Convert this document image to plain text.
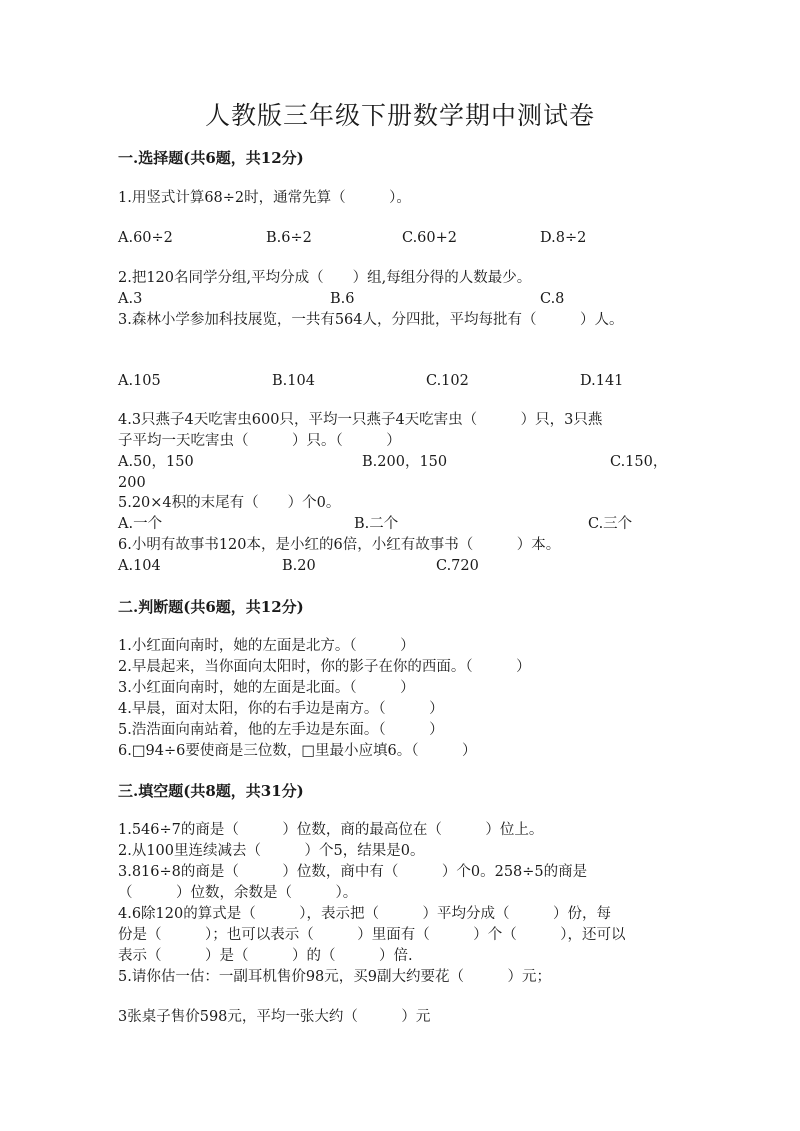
人教版三年级下册数学期中测试卷
一.选择题(共6题，共12分)
1.用竖式计算68÷2时，通常先算（　　　）。
A.60÷2	B.6÷2	C.60+2	D.8÷2
2.把120名同学分组,平均分成（　　）组,每组分得的人数最少。
A.3	B.6	C.8
3.森林小学参加科技展览，一共有564人，分四批，平均每批有（　　　）人。
A.105	B.104	C.102	D.141
4.3只燕子4天吃害虫600只，平均一只燕子4天吃害虫（　　　）只，3只燕
子平均一天吃害虫（　　　）只。（　　　）
A.50，150	B.200，150	C.150，
200
5.20×4积的末尾有（　　）个0。
A.一个	B.二个	C.三个
6.小明有故事书120本，是小红的6倍，小红有故事书（　　　）本。
A.104	B.20	C.720
二.判断题(共6题，共12分)
1.小红面向南时，她的左面是北方。（　　　）
2.早晨起来，当你面向太阳时，你的影子在你的西面。（　　　）
3.小红面向南时，她的左面是北面。（　　　）
4.早晨，面对太阳，你的右手边是南方。（　　　）
5.浩浩面向南站着，他的左手边是东面。（　　　）
6.□94÷6要使商是三位数，□里最小应填6。（　　　）
三.填空题(共8题，共31分)
1.546÷7的商是（　　　）位数，商的最高位在（　　　）位上。
2.从100里连续减去（　　　）个5，结果是0。
3.816÷8的商是（　　　）位数，商中有（　　　）个0。258÷5的商是
（　　　）位数，余数是（　　　）。
4.6除120的算式是（　　　），表示把（　　　）平均分成（　　　）份，每
份是（　　　）；也可以表示（　　　）里面有（　　　）个（　　　），还可以
表示（　　　）是（　　　）的（　　　）倍.
5.请你估一估：一副耳机售价98元，买9副大约要花（　　　）元；
3张桌子售价598元，平均一张大约（　　　）元
